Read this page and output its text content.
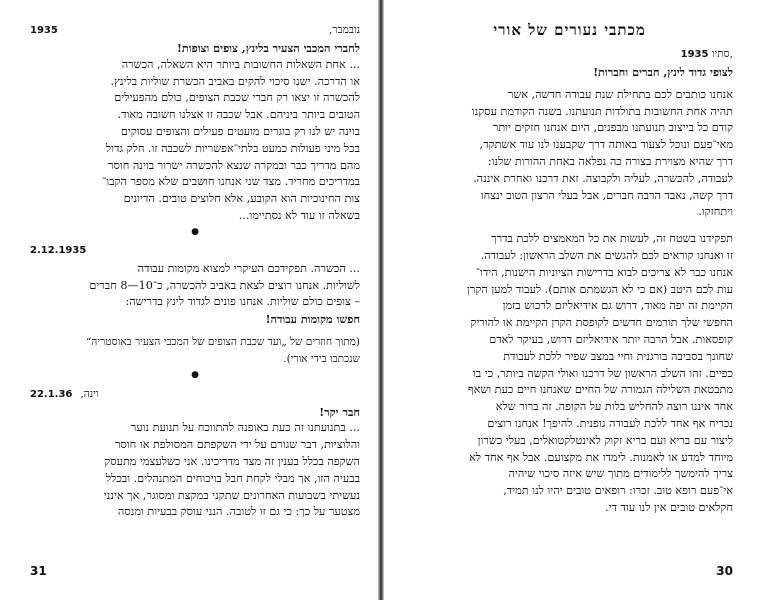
1935	נובמבר,
לחברי המכבי הצעיר בלינץ, צופים וצופות!
... אחת השאלות החשובות ביותר היא השאלה, הכשרה
או הדרכה. ישנו סיכוי להקים באביב הכשרת שוליות בלינץ.
להכשרה זו יצאו רק חברי שכבת הצופים, כולם מהפעילים
הטובים ביותר ביניהם. אבל שכבה זו אצלנו חשובה מאוד.
בוינה יש לנו רק בוגרים מועטים פעילים והצופים עסוקים
בכל מיני פעולות כמעט בלתי־אפשריות לשכבה זו. חלק גדול
מהם מדריך כבר ובמקרה שנצא להכשרה ישרור בוינה חוסר
במדריכים מחריד. מצד שני אנחנו חושבים שלא מספר הקבו־
צות החינוכיות הוא הקובע, אלא חלוצים טובים. הדיונים
בשאלה זו עוד לא נסתיימו...
●
2.12.1935
... הכשרה. תפקידכם העיקרי למצוא מקומות עבודה
לשוליות. אנחנו רוצים לצאת באביב להכשרה, כ־10—8 חברים
– צופים כולם שוליות. אנחנו פונים לגדוד לינץ בדרישה:
חפשו מקומות עבודה!
(מתוך חוזרים של „ועד שכבת הצופים של המכבי הצעיר באוסטריה“
שנכתבו בידי אורי).
●
22.1.36 וינה,
חבר יקר!
... בתנועתנו זה כעת באופנה להתווכח על תנועת נוער
והלוציות, דבר שגורם על ידי השקפתם המסולפת או חוסר
השקפה בכלל בענין זה מצד מדריכינו. אני כשלעצמי מתעסק
בבעיה הזו, אך מבלי לקחת חבל בויכוחים המתנהלים. ובכלל
נעשיתי בשבועות האחרונים שתקני במקצת ומסוגר, אך אינני
מצטער על כך: כי גם זו לטובה. הנני עוסק בבעיות ומנסה
31
מכתבי נעורים של אורי
1935 סתיו,
לצופי גדוד לינץ, חברים וחברות!
אנחנו כותבים לכם בתחילת שנת עבודה חדשה, אשר
תהיה אחת החשובות בתולדות תנועתנו. בשנה הקודמת עסקנו
קודם כל בייצוב תנועתנו מבפנים, היום אנחנו חזקים יותר
מאי־פעם ונוכל לצעוד באותה דרך שקבענו לנו עוד אשתקד,
דרך שהיא מצוירת בצורה כה נפלאה באחת ההורות שלנו:
לעבודה, להכשרה, לעליה ולקבוצה. זאת דרכנו ואחרת איננה.
דרך קשה, נאבד הרבה חברים, אבל בעלי הרצון הטוב ינצחו
ויתחזקו.
תפקידנו בשטח זה, לעשות את כל המאמצים ללכת בדרך
זו ואנחנו קוראים לכם להגשים את השלב הראשון: לעבודה.
אנחנו כבר לא צריכים לבוא בדרישות הציוניות הישנות, הידו־
עות לכם היטב (אם כי לא הגשמתם אותם). לעבוד למען הקרן
הקיימת זה יפה מאוד, דרוש גם אידיאליזם לרכוש בזמן
החפשי שלך תורמים חדשים לקופסת הקרן הקיימת או להוריק
קופסאות. אבל הרבה יותר אידיאליזם דרוש, בעיקר לאדם
שחונך בסביבה בורגנית וחיי במצב שפיר ללכת לעבודת
כפיים. זהו השלב הראשון של דרכנו ואולי הקשה ביותר, כי בו
מתבטאת השלילה הגמורה של החיים שאנחנו חיים כעת ושאף
אחד איננו רוצה להחליש בלות על הקופה. זה ברור שלא
נכריח אף אחד ללכת לעבודה גופנית. להיפך! אנחנו רוצים
ליצור עם בריא ועם בריא זקוק לאינטלקטואלים, בעלי כשרון
מיוחד למדע או לאמנות. לימדו את מקצועם. אבל אף אחד לא
צריך להימשך ללימודים מתוך שיש איזה סיכוי שיהיה
אי־פעם רופא טוב. זכרו: רופאים טובים יהיו לנו תמיד,
חקלאים טובים אין לנו עוד די.
30
